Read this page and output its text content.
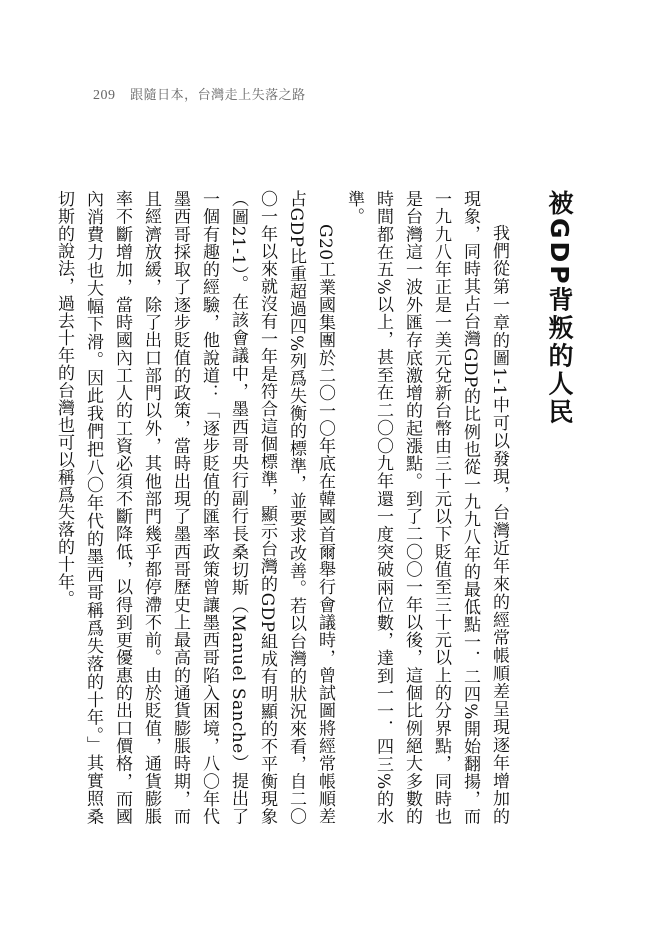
209 跟隨日本，台灣走上失落之路
被GDP背叛的人民

我們從第一章的圖1-1中可以發現，台灣近年來的經常帳順差呈現逐年增加的現象，同時其占台灣GDP的比例也從一九九八年的最低點一．二四%開始翻揚，而一九九八年正是一美元兌新台幣由三十元以下貶值至三十元以上的分界點，同時也是台灣這一波外匯存底激增的起漲點。到了二〇〇一年以後，這個比例絕大多數的時間都在五%以上，甚至在二〇〇九年還一度突破兩位數，達到一一．四三%的水準。

G20工業國集團於二〇一〇年底在韓國首爾舉行會議時，曾試圖將經常帳順差占GDP比重超過四%列爲失衡的標準，並要求改善。若以台灣的狀況來看，自二〇〇一年以來就沒有一年是符合這個標準，顯示台灣的GDP組成有明顯的不平衡現象（圖21-1）。在該會議中，墨西哥央行副行長桑切斯（Manuel Sanche）提出了一個有趣的經驗，他說道：「逐步貶值的匯率政策曾讓墨西哥陷入困境，八〇年代墨西哥採取了逐步貶值的政策，當時出現了墨西哥歷史上最高的通貨膨脹時期，而且經濟放緩，除了出口部門以外，其他部門幾乎都停滯不前。由於貶值，通貨膨脹率不斷增加，當時國內工人的工資必須不斷降低，以得到更優惠的出口價格，而國內消費力也大幅下滑。因此我們把八〇年代的墨西哥稱爲失落的十年。」其實照桑切斯的說法，過去十年的台灣也可以稱爲失落的十年。
